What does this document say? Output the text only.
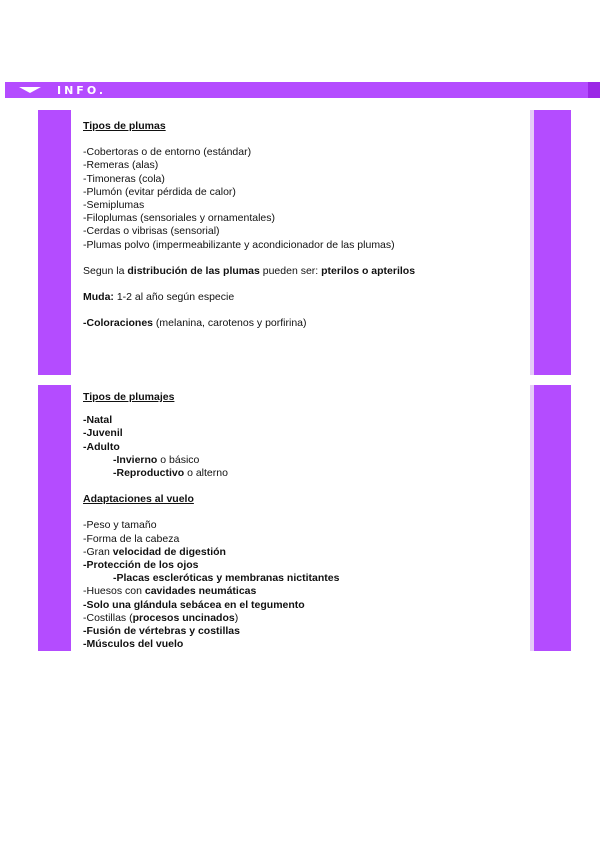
INFO.
Tipos de plumas
-Cobertoras o de entorno (estándar)
-Remeras (alas)
-Timoneras (cola)
-Plumón (evitar pérdida de calor)
-Semiplumas
-Filoplumas (sensoriales y ornamentales)
-Cerdas o vibrisas (sensorial)
-Plumas polvo (impermeabilizante y acondicionador de las plumas)
Segun la distribución de las plumas pueden ser: pterilos o apterilos
Muda: 1-2 al año según especie
-Coloraciones (melanina, carotenos y porfirina)
Tipos de plumajes
-Natal
-Juvenil
-Adulto
-Invierno o básico
-Reproductivo o alterno
Adaptaciones al vuelo
-Peso y tamaño
-Forma de la cabeza
-Gran velocidad de digestión
-Protección de los ojos
-Placas escleróticas y membranas nictitantes
-Huesos con cavidades neumáticas
-Solo una glándula sebácea en el tegumento
-Costillas (procesos uncinados)
-Fusión de vértebras y costillas
-Músculos del vuelo
